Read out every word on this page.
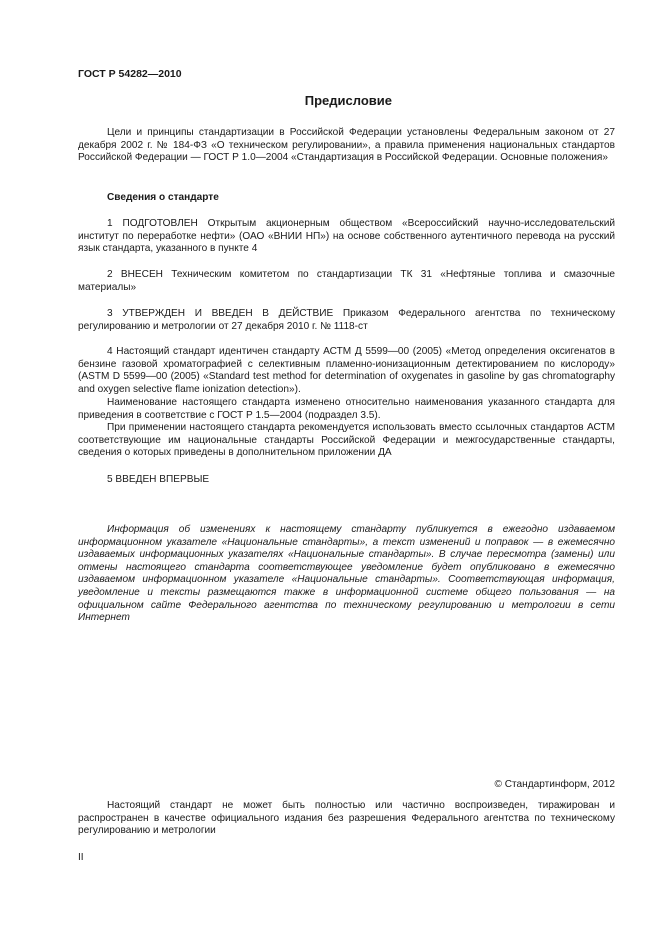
ГОСТ Р 54282—2010
Предисловие

Цели и принципы стандартизации в Российской Федерации установлены Федеральным законом от 27 декабря 2002 г. № 184-ФЗ «О техническом регулировании», а правила применения национальных стандартов Российской Федерации — ГОСТ Р 1.0—2004 «Стандартизация в Российской Федерации. Основные положения»

Сведения о стандарте

1 ПОДГОТОВЛЕН Открытым акционерным обществом «Всероссийский научно-исследовательский институт по переработке нефти» (ОАО «ВНИИ НП») на основе собственного аутентичного перевода на русский язык стандарта, указанного в пункте 4

2 ВНЕСЕН Техническим комитетом по стандартизации ТК 31 «Нефтяные топлива и смазочные материалы»

3 УТВЕРЖДЕН И ВВЕДЕН В ДЕЙСТВИЕ Приказом Федерального агентства по техническому регулированию и метрологии от 27 декабря 2010 г. № 1118-ст

4 Настоящий стандарт идентичен стандарту АСТМ Д 5599—00 (2005) «Метод определения оксигенатов в бензине газовой хроматографией с селективным пламенно-ионизационным детектированием по кислороду» (ASTM D 5599—00 (2005) «Standard test method for determination of oxygenates in gasoline by gas chromatography and oxygen selective flame ionization detection»).

Наименование настоящего стандарта изменено относительно наименования указанного стандарта для приведения в соответствие с ГОСТ Р 1.5—2004 (подраздел 3.5).

При применении настоящего стандарта рекомендуется использовать вместо ссылочных стандартов АСТМ соответствующие им национальные стандарты Российской Федерации и межгосударственные стандарты, сведения о которых приведены в дополнительном приложении ДА

5 ВВЕДЕН ВПЕРВЫЕ

Информация об изменениях к настоящему стандарту публикуется в ежегодно издаваемом информационном указателе «Национальные стандарты», а текст изменений и поправок — в ежемесячно издаваемых информационных указателях «Национальные стандарты». В случае пересмотра (замены) или отмены настоящего стандарта соответствующее уведомление будет опубликовано в ежемесячно издаваемом информационном указателе «Национальные стандарты». Соответствующая информация, уведомление и тексты размещаются также в информационной системе общего пользования — на официальном сайте Федерального агентства по техническому регулированию и метрологии в сети Интернет

© Стандартинформ, 2012

Настоящий стандарт не может быть полностью или частично воспроизведен, тиражирован и распространен в качестве официального издания без разрешения Федерального агентства по техническому регулированию и метрологии

II
